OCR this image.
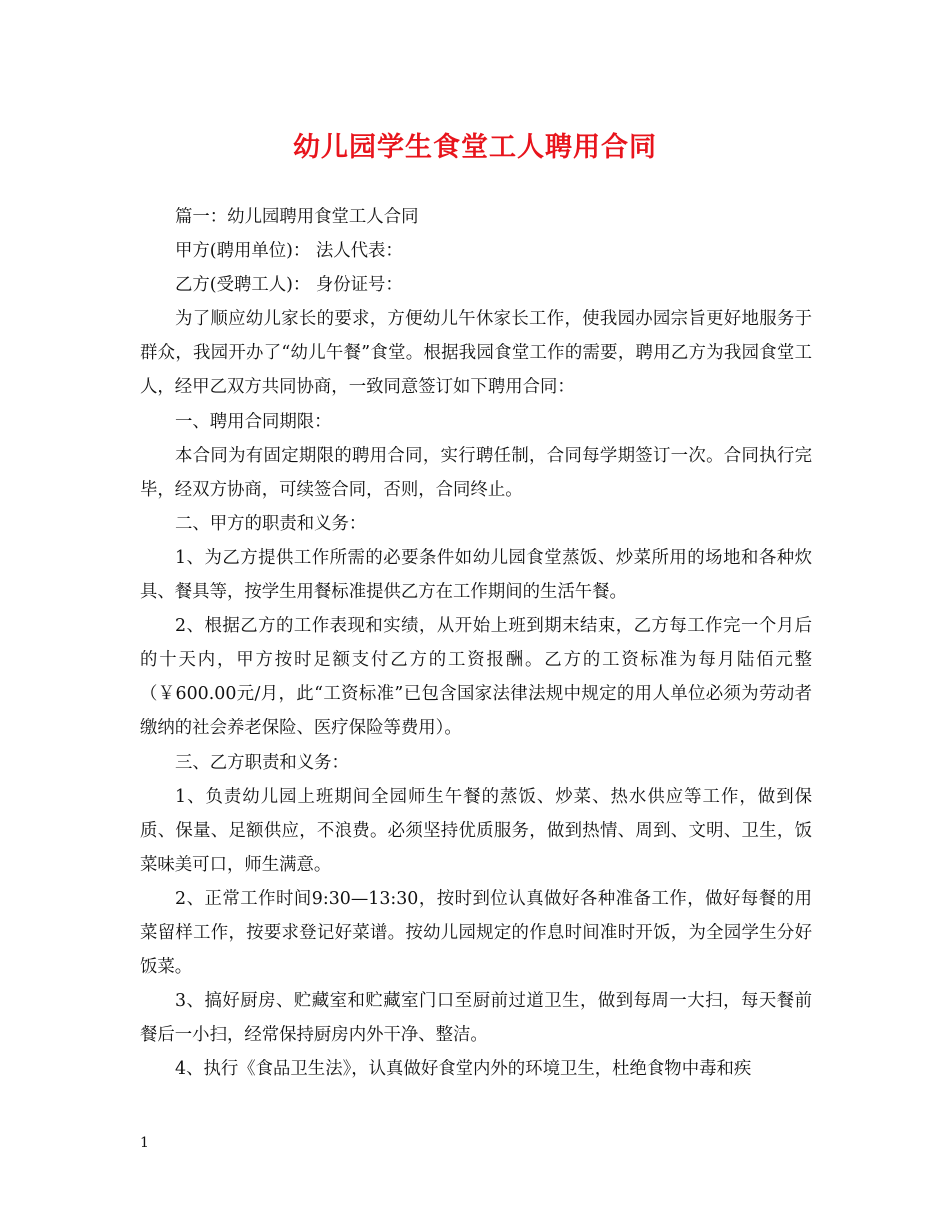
幼儿园学生食堂工人聘用合同

篇一：幼儿园聘用食堂工人合同

甲方(聘用单位)： 法人代表：

乙方(受聘工人)： 身份证号：

为了顺应幼儿家长的要求，方便幼儿午休家长工作，使我园办园宗旨更好地服务于群众，我园开办了“幼儿午餐”食堂。根据我园食堂工作的需要，聘用乙方为我园食堂工人，经甲乙双方共同协商，一致同意签订如下聘用合同：

一、聘用合同期限：

本合同为有固定期限的聘用合同，实行聘任制，合同每学期签订一次。合同执行完毕，经双方协商，可续签合同，否则，合同终止。

二、甲方的职责和义务：

1、为乙方提供工作所需的必要条件如幼儿园食堂蒸饭、炒菜所用的场地和各种炊具、餐具等，按学生用餐标准提供乙方在工作期间的生活午餐。

2、根据乙方的工作表现和实绩，从开始上班到期末结束，乙方每工作完一个月后的十天内，甲方按时足额支付乙方的工资报酬。乙方的工资标准为每月陆佰元整（￥600.00元/月，此“工资标准”已包含国家法律法规中规定的用人单位必须为劳动者缴纳的社会养老保险、医疗保险等费用）。

三、乙方职责和义务：

1、负责幼儿园上班期间全园师生午餐的蒸饭、炒菜、热水供应等工作，做到保质、保量、足额供应，不浪费。必须坚持优质服务，做到热情、周到、文明、卫生，饭菜味美可口，师生满意。

2、正常工作时间9:30—13:30，按时到位认真做好各种准备工作，做好每餐的用菜留样工作，按要求登记好菜谱。按幼儿园规定的作息时间准时开饭，为全园学生分好饭菜。

3、搞好厨房、贮藏室和贮藏室门口至厨前过道卫生，做到每周一大扫，每天餐前餐后一小扫，经常保持厨房内外干净、整洁。

4、执行《食品卫生法》，认真做好食堂内外的环境卫生，杜绝食物中毒和疾

1
